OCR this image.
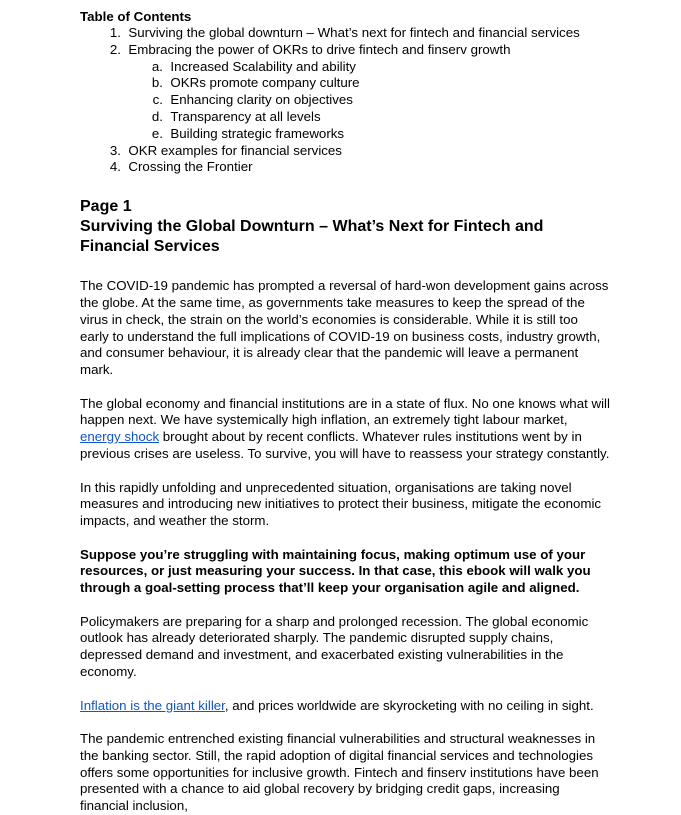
Table of Contents
1.
Surviving the global downturn – What’s next for fintech and financial services
2.
Embracing the power of OKRs to drive fintech and finserv growth
a.
Increased Scalability and ability
b.
OKRs promote company culture
c.
Enhancing clarity on objectives
d.
Transparency at all levels
e.
Building strategic frameworks
3.
OKR examples for financial services
4.
Crossing the Frontier
Page 1
Surviving the Global Downturn – What’s Next for Fintech and Financial Services

The COVID-19 pandemic has prompted a reversal of hard-won development gains across the globe. At the same time, as governments take measures to keep the spread of the virus in check, the strain on the world’s economies is considerable. While it is still too early to understand the full implications of COVID-19 on business costs, industry growth, and consumer behaviour, it is already clear that the pandemic will leave a permanent mark.

The global economy and financial institutions are in a state of flux. No one knows what will happen next. We have systemically high inflation, an extremely tight labour market, energy shock brought about by recent conflicts. Whatever rules institutions went by in previous crises are useless. To survive, you will have to reassess your strategy constantly.

In this rapidly unfolding and unprecedented situation, organisations are taking novel measures and introducing new initiatives to protect their business, mitigate the economic impacts, and weather the storm.

Suppose you’re struggling with maintaining focus, making optimum use of your resources, or just measuring your success. In that case, this ebook will walk you through a goal-setting process that’ll keep your organisation agile and aligned.

Policymakers are preparing for a sharp and prolonged recession. The global economic outlook has already deteriorated sharply. The pandemic disrupted supply chains, depressed demand and investment, and exacerbated existing vulnerabilities in the economy.

Inflation is the giant killer, and prices worldwide are skyrocketing with no ceiling in sight.

The pandemic entrenched existing financial vulnerabilities and structural weaknesses in the banking sector. Still, the rapid adoption of digital financial services and technologies offers some opportunities for inclusive growth. Fintech and finserv institutions have been presented with a chance to aid global recovery by bridging credit gaps, increasing financial inclusion,
